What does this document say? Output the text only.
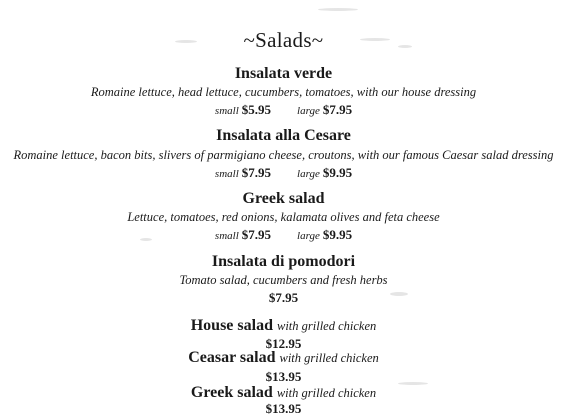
~Salads~
Insalata verde
Romaine lettuce, head lettuce, cucumbers, tomatoes, with our house dressing
small $5.95 large $7.95
Insalata alla Cesare
Romaine lettuce, bacon bits, slivers of parmigiano cheese, croutons, with our famous Caesar salad dressing
small $7.95 large $9.95
Greek salad
Lettuce, tomatoes, red onions, kalamata olives and feta cheese
small $7.95 large $9.95
Insalata di pomodori
Tomato salad, cucumbers and fresh herbs
$7.95
House salad with grilled chicken
$12.95
Ceasar salad with grilled chicken
$13.95
Greek salad with grilled chicken
$13.95
